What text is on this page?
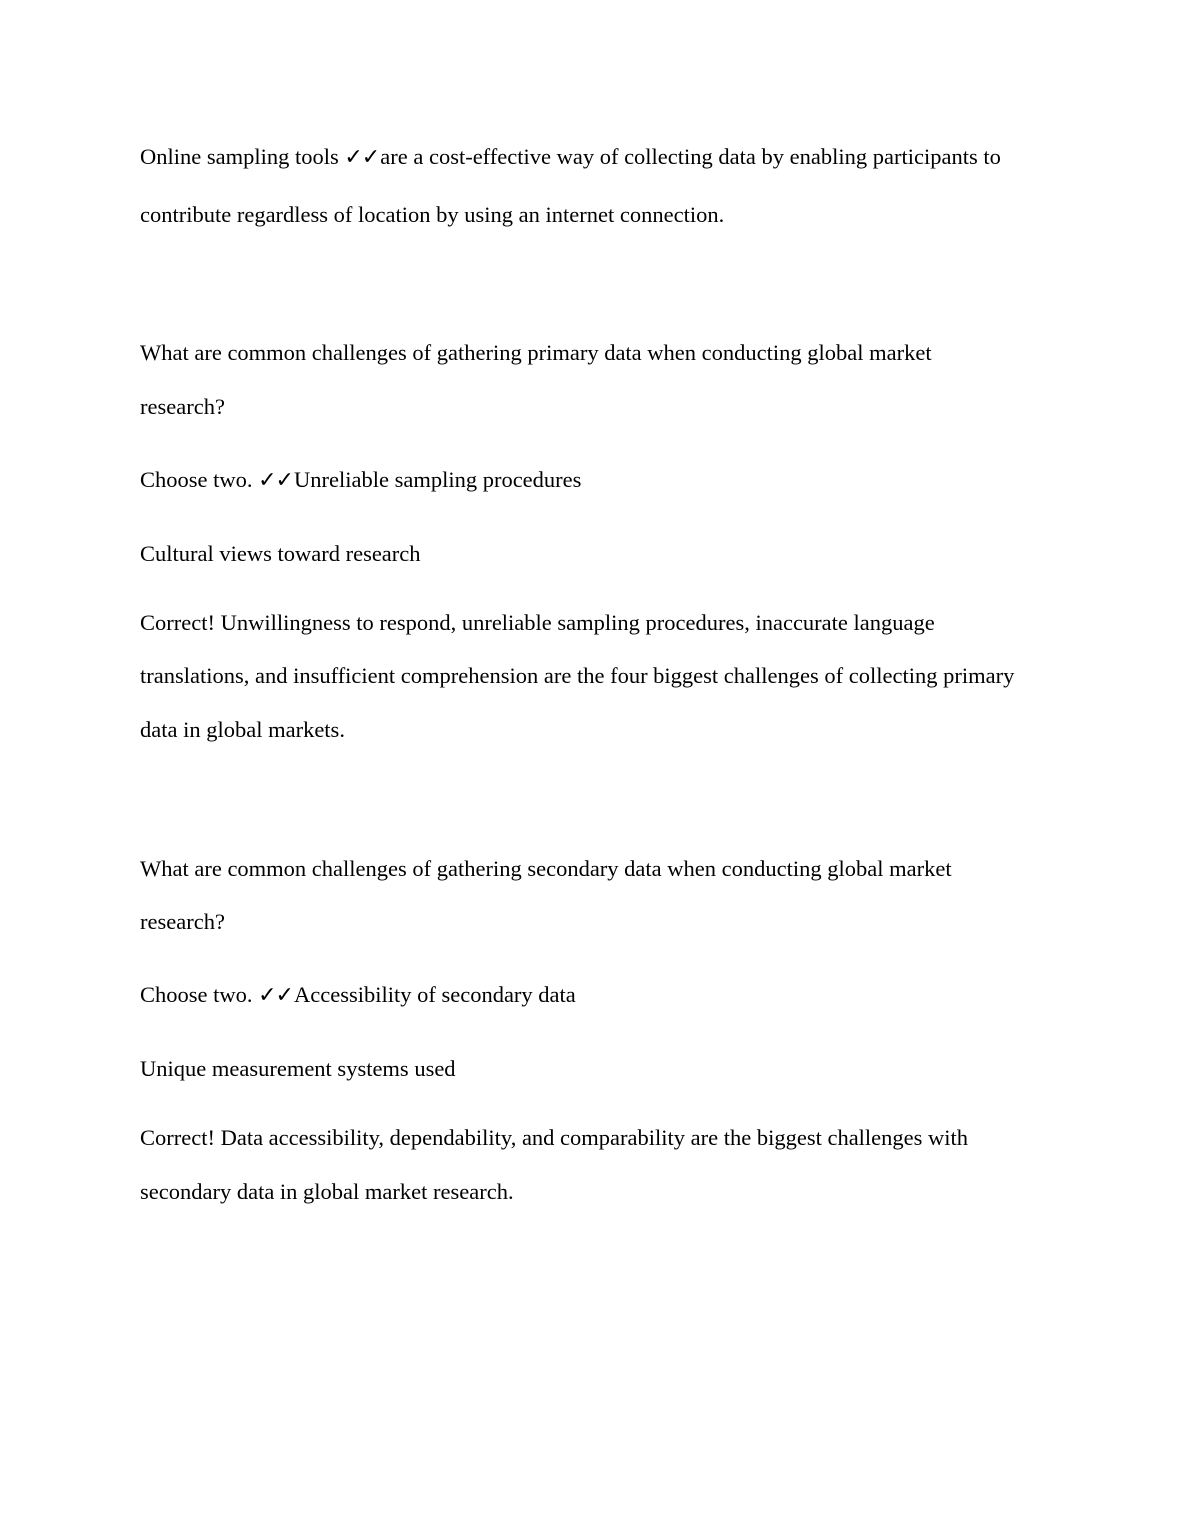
Online sampling tools ✓✓are a cost-effective way of collecting data by enabling participants to
contribute regardless of location by using an internet connection.
What are common challenges of gathering primary data when conducting global market
research?
Choose two. ✓✓Unreliable sampling procedures
Cultural views toward research
Correct! Unwillingness to respond, unreliable sampling procedures, inaccurate language
translations, and insufficient comprehension are the four biggest challenges of collecting primary
data in global markets.
What are common challenges of gathering secondary data when conducting global market
research?
Choose two. ✓✓Accessibility of secondary data
Unique measurement systems used
Correct! Data accessibility, dependability, and comparability are the biggest challenges with
secondary data in global market research.
